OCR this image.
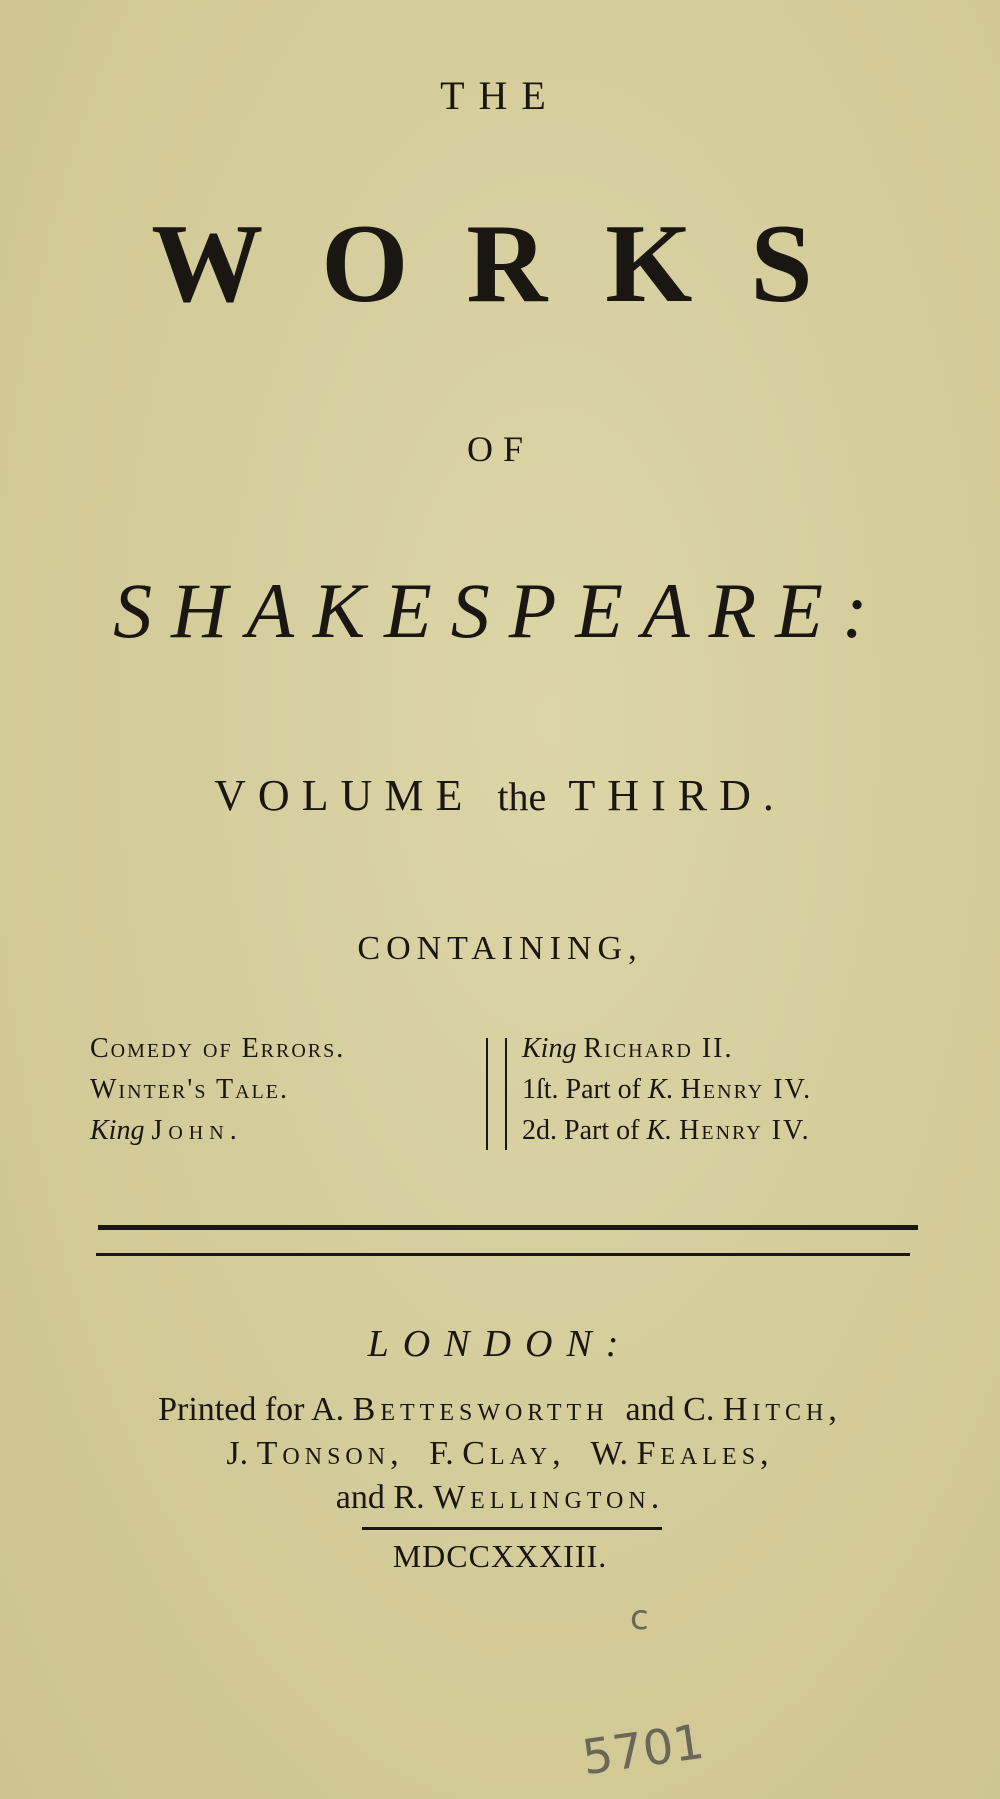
THE
WORKS
OF
SHAKESPEARE:
VOLUME the THIRD.
CONTAINING,
Comedy of Errors.
Winter's Tale.
King John.
King Richard II.
1ſt. Part of K. Henry IV.
2d. Part of K. Henry IV.
LONDON:
Printed for A. Betteswortth and C. Hitch,
J. Tonson, F. Clay, W. Feales,
and R. Wellington.
MDCCXXXIII.
c
5701
